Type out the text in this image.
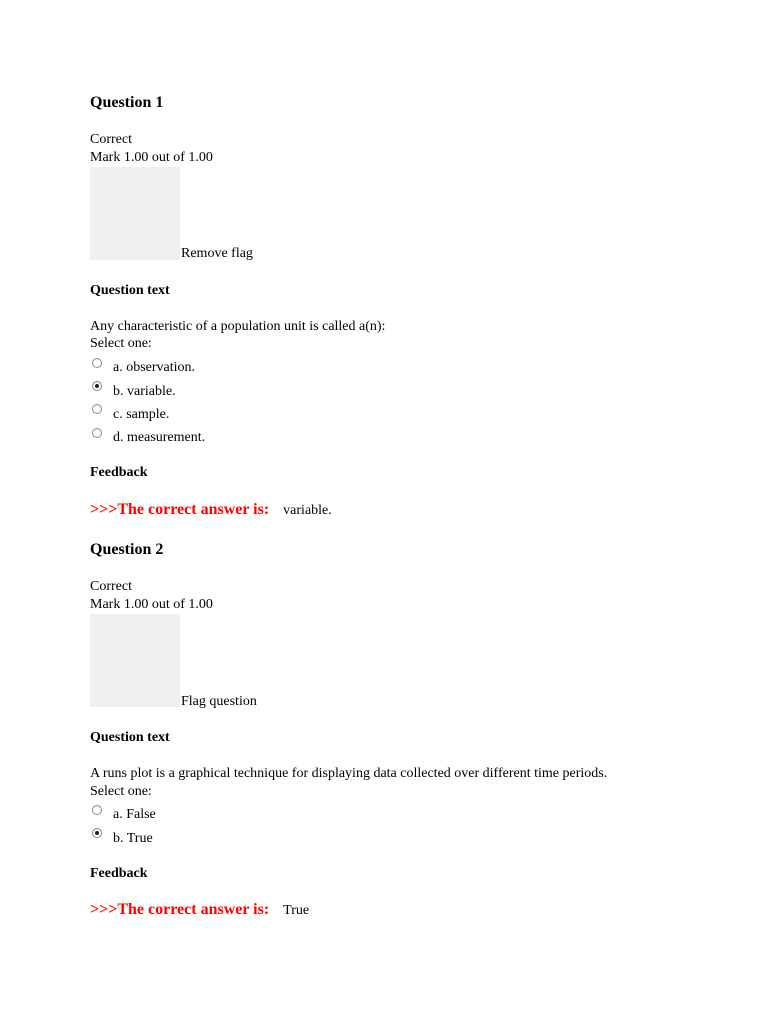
Question 1
Correct
Mark 1.00 out of 1.00
Remove flag
Question text
Any characteristic of a population unit is called a(n):
Select one:
a. observation.
b. variable.
c. sample.
d. measurement.
Feedback
>>>The correct answer is: variable.
Question 2
Correct
Mark 1.00 out of 1.00
Flag question
Question text
A runs plot is a graphical technique for displaying data collected over different time periods.
Select one:
a. False
b. True
Feedback
>>>The correct answer is: True
